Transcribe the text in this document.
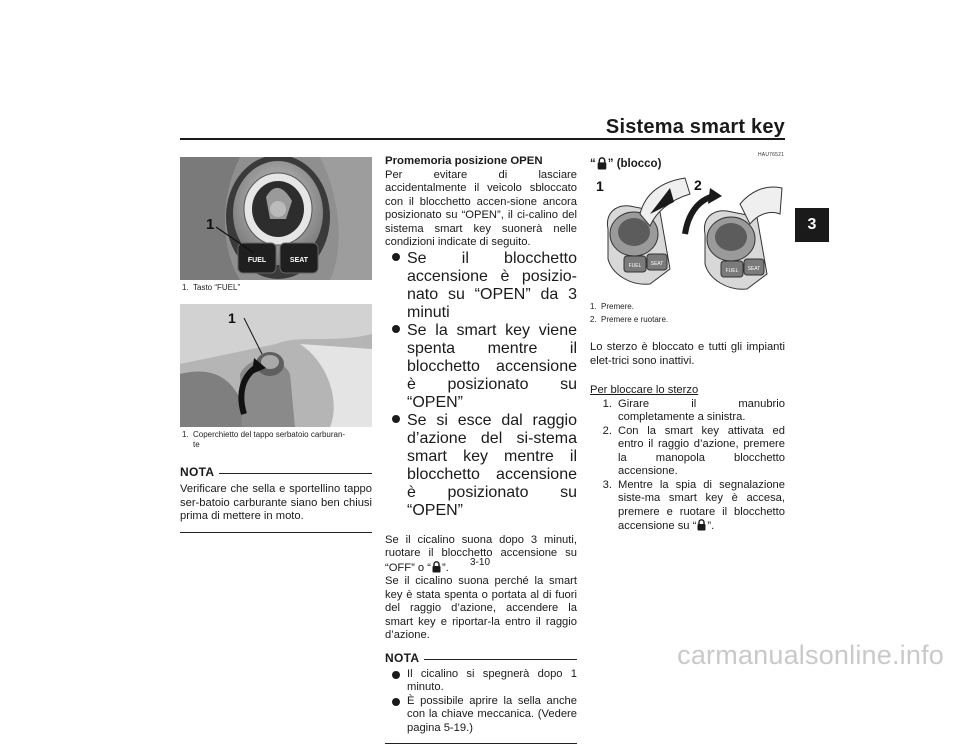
Sistema smart key
3
FUEL	SEAT
1
1. Tasto “FUEL”
1
1. Coperchietto del tappo serbatoio carburan-
te
NOTA
Verificare che sella e sportellino tappo ser-batoio carburante siano ben chiusi prima di mettere in moto.
Promemoria posizione OPEN
Per evitare di lasciare accidentalmente il veicolo sbloccato con il blocchetto accen-sione ancora posizionato su “OPEN”, il ci-calino del sistema smart key suonerà nelle condizioni indicate di seguito.
Se il blocchetto accensione è posizio-nato su “OPEN” da 3 minuti
Se la smart key viene spenta mentre il blocchetto accensione è posizionato su “OPEN”
Se si esce dal raggio d’azione del si-stema smart key mentre il blocchetto accensione è posizionato su “OPEN”
Se il cicalino suona dopo 3 minuti, ruotare il blocchetto accensione su “OFF” o “ ”.
Se il cicalino suona perché la smart key è stata spenta o portata al di fuori del raggio d’azione, accendere la smart key e riportar-la entro il raggio d’azione.
NOTA
Il cicalino si spegnerà dopo 1 minuto.
È possibile aprire la sella anche con la chiave meccanica. (Vedere pagina 5-19.)
HAU76521
“ ” (blocco)
FUEL SEAT
1
FUEL SEAT
2
1. Premere.
2. Premere e ruotare.
Lo sterzo è bloccato e tutti gli impianti elet-trici sono inattivi.
Per bloccare lo sterzo
1. Girare il manubrio completamente a sinistra.
2. Con la smart key attivata ed entro il raggio d’azione, premere la manopola blocchetto accensione.
3. Mentre la spia di segnalazione siste-ma smart key è accesa, premere e ruotare il blocchetto accensione su “ ”.
3-10
carmanualsonline.info
